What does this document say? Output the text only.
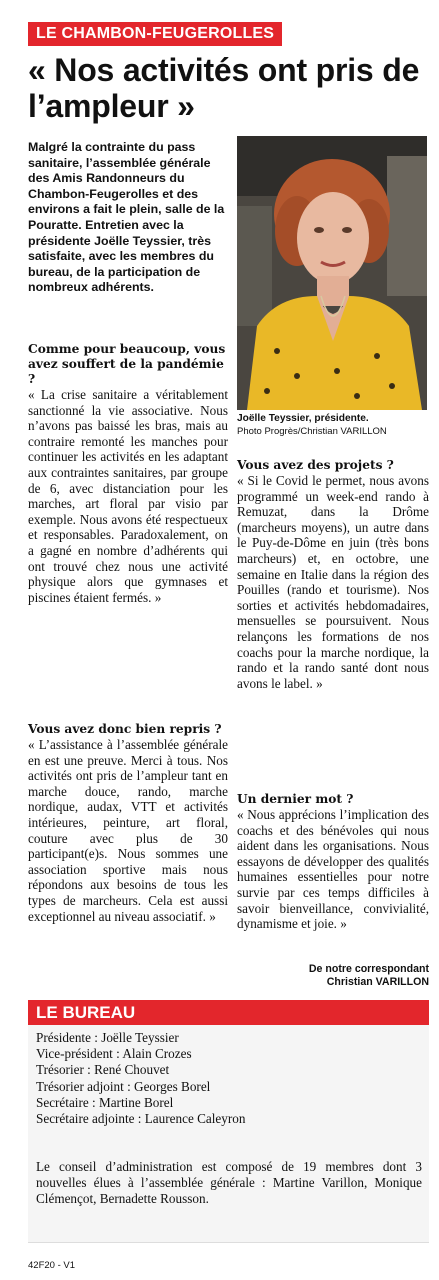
LE CHAMBON-FEUGEROLLES
« Nos activités ont pris de l’ampleur »

Malgré la contrainte du pass sanitaire, l’assemblée générale des Amis Randonneurs du Chambon-Feugerolles et des environs a fait le plein, salle de la Pouratte. Entretien avec la présidente Joëlle Teyssier, très satisfaite, avec les membres du bureau, de la participation de nombreux adhérents.

Joëlle Teyssier, présidente.
Photo Progrès/Christian VARILLON

Comme pour beaucoup, vous avez souffert de la pandémie ?

« La crise sanitaire a véritablement sanctionné la vie associative. Nous n’avons pas baissé les bras, mais au contraire remonté les manches pour continuer les activités en les adaptant aux contraintes sanitaires, par groupe de 6, avec distanciation pour les marches, art floral par visio par exemple. Nous avons été respectueux et responsables. Paradoxalement, on a gagné en nombre d’adhérents qui ont trouvé chez nous une activité physique alors que gymnases et piscines étaient fermés. »

Vous avez donc bien repris ?

« L’assistance à l’assemblée générale en est une preuve. Merci à tous. Nos activités ont pris de l’ampleur tant en marche douce, rando, marche nordique, audax, VTT et activités intérieures, peinture, art floral, couture avec plus de 30 participant(e)s. Nous sommes une association sportive mais nous répondons aux besoins de tous les types de marcheurs. Cela est aussi exceptionnel au niveau associatif. »

Vous avez des projets ?

« Si le Covid le permet, nous avons programmé un week-end rando à Remuzat, dans la Drôme (marcheurs moyens), un autre dans le Puy-de-Dôme en juin (très bons marcheurs) et, en octobre, une semaine en Italie dans la région des Pouilles (rando et tourisme). Nos sorties et activités hebdomadaires, mensuelles se poursuivent. Nous relançons les formations de nos coachs pour la marche nordique, la rando et la rando santé dont nous avons le label. »

Un dernier mot ?

« Nous apprécions l’implication des coachs et des bénévoles qui nous aident dans les organisations. Nous essayons de développer des qualités humaines essentielles pour notre survie par ces temps difficiles à savoir bienveillance, convivialité, dynamisme et joie. »

De notre correspondant
Christian VARILLON
LE BUREAU
Présidente : Joëlle Teyssier
Vice-président : Alain Crozes
Trésorier : René Chouvet
Trésorier adjoint : Georges Borel
Secrétaire : Martine Borel
Secrétaire adjointe : Laurence Caleyron

Le conseil d’administration est composé de 19 membres dont 3 nouvelles élues à l’assemblée générale : Martine Varillon, Monique Clémençot, Bernadette Rousson.

42F20 - V1
